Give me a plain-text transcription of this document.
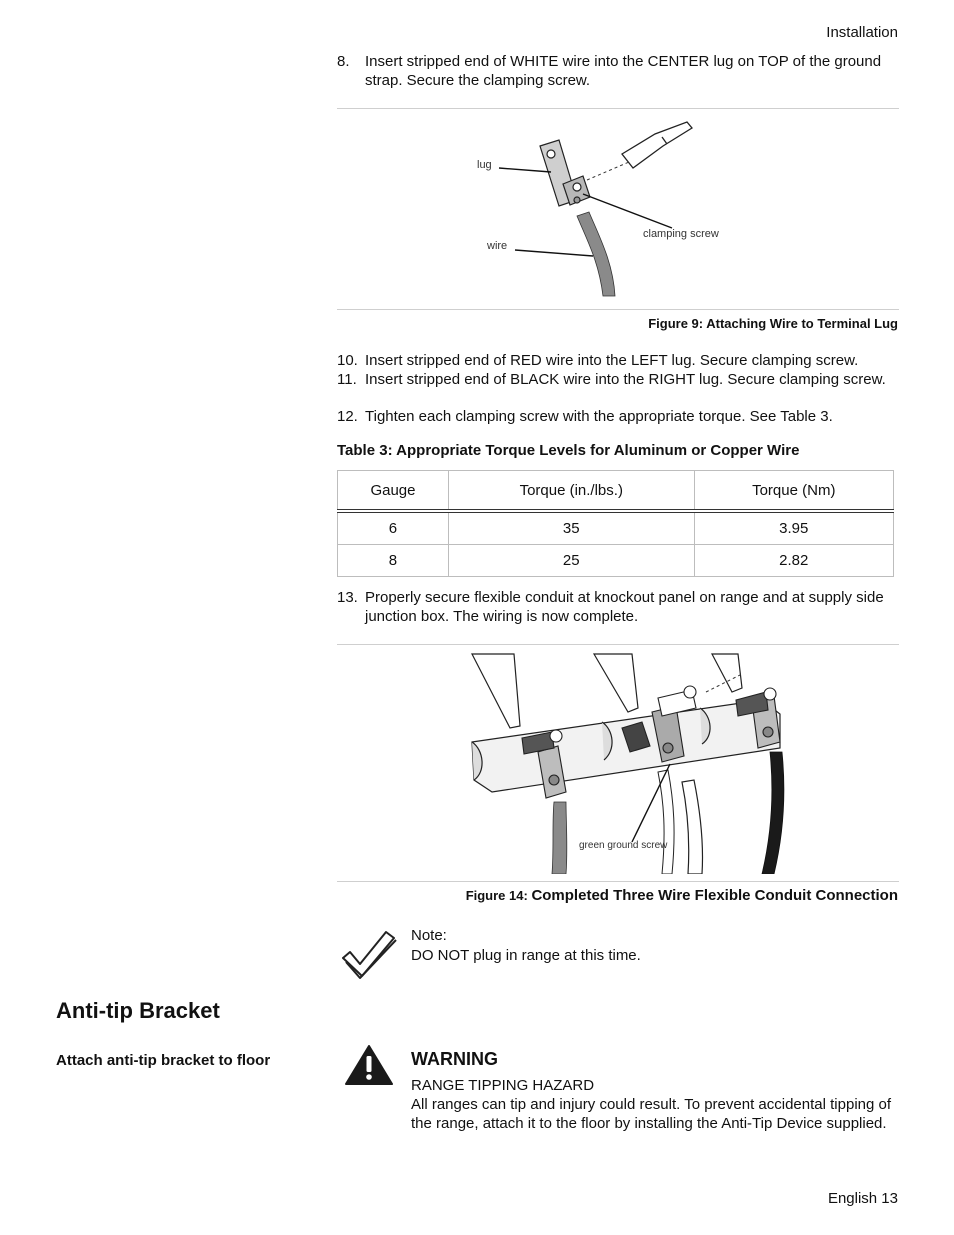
Installation
8. Insert stripped end of WHITE wire into the CENTER lug on TOP of the ground strap. Secure the clamping screw.
lug
wire
clamping screw
Figure 9: Attaching Wire to Terminal Lug
10. Insert stripped end of RED wire into the LEFT lug. Secure clamping screw.
11. Insert stripped end of BLACK wire into the RIGHT lug. Secure clamping screw.
12. Tighten each clamping screw with the appropriate torque. See Table 3.
Table 3: Appropriate Torque Levels for Aluminum or Copper Wire
Gauge	Torque (in./lbs.)	Torque (Nm)
6	35	3.95
8	25	2.82
13. Properly secure flexible conduit at knockout panel on range and at supply side junction box. The wiring is now complete.
green ground screw
Figure 14: Completed Three Wire Flexible Conduit Connection
Note:
DO NOT plug in range at this time.
Anti-tip Bracket
Attach anti-tip bracket to floor	WARNING
RANGE TIPPING HAZARD
All ranges can tip and injury could result. To prevent accidental tipping of the range, attach it to the floor by installing the Anti-Tip Device supplied.
English 13
